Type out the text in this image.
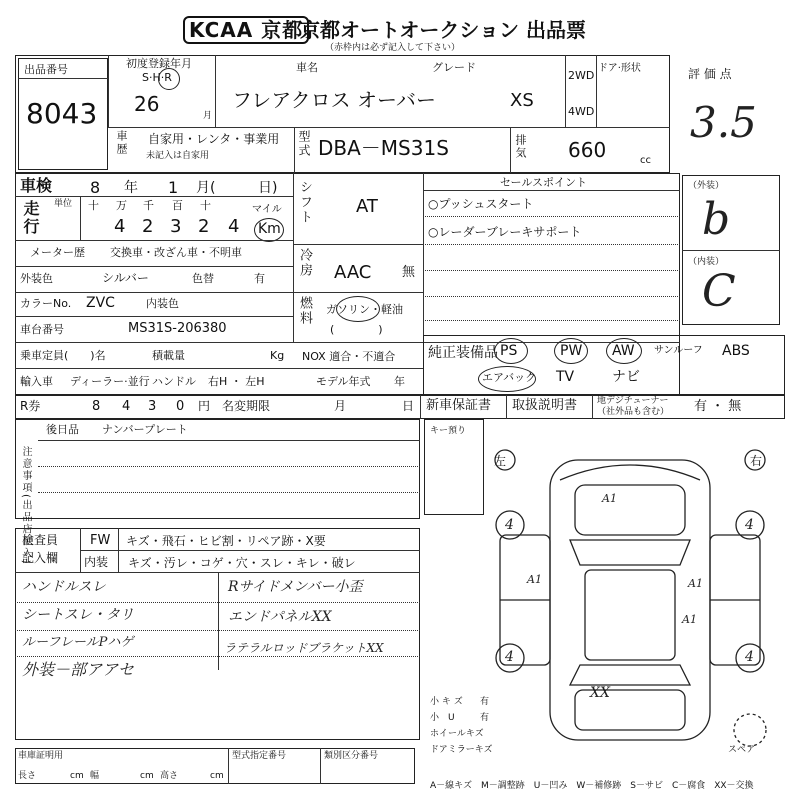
KCAA 京都
京都オートオークション 出品票
（赤枠内は必ず記入して下さい）
出品番号
8043
初度登録年月
S·H·R
26	月
車名	グレード
フレアクロス オーバー	XS
2WD
4WD
ドア·形状
車歴 自家用・レンタ・事業用
未記入は自家用	型式 DBA－MS31S	排気 660	cc
評 価 点
3.5
（外装）
b
（内装）
C
車検 8 年 1 月(	日)
走行 単位 十 万 千 百 十
4 2 3 2 4
マイル
Km
メーター歴 交換車・改ざん車・不明車
外装色	シルバー	色替	有
カラーNo. ZVC	内装色
車台番号	MS31S-206380
シフト AT
冷房 AAC 無
燃料 ガソリン・軽油
(　　　　)
セールスポイント
○プッシュスタート
○レーダーブレーキサポート
乗車定員(　　)名	積載量	Kg NOX 適合・不適合
輸入車 ディーラー·並行 ハンドル 右H ・ 左H	モデル年式 年
純正装備品 PS	PW AW サンルーフ ABS
エアバック TV	ナビ
R券	8 4 3 0 円 名変期限	月	日 新車保証書 取扱説明書 地デジチューナー
（社外品も含む） 有 ・ 無
注意事項(出品店記入)
後日品 ナンバープレート	キー預り
検査員
記入欄
FW キズ・飛石・ヒビ割・リペア跡・X要
内装 キズ・汚レ・コゲ・穴・スレ・キレ・破レ
ハンドルスレ
シートスレ・タリ
ルーフレールPハゲ
外装－部アアセ
Rサイドメンバー小歪
エンドパネルXX
ラテラルロッドブラケットXX
左	右
A1
A1	A1
A1
XX
4	4
4	4
スペア
小 キ ズ
小　U
ホイールキズ
ドアミラーキズ
有
有
A－線キズ　M－調整跡　U－凹み　W－補修跡　S－サビ　C－腐食　XX－交換
車庫証明用
長さ	cm 幅	cm 高さ	cm
型式指定番号	類別区分番号
